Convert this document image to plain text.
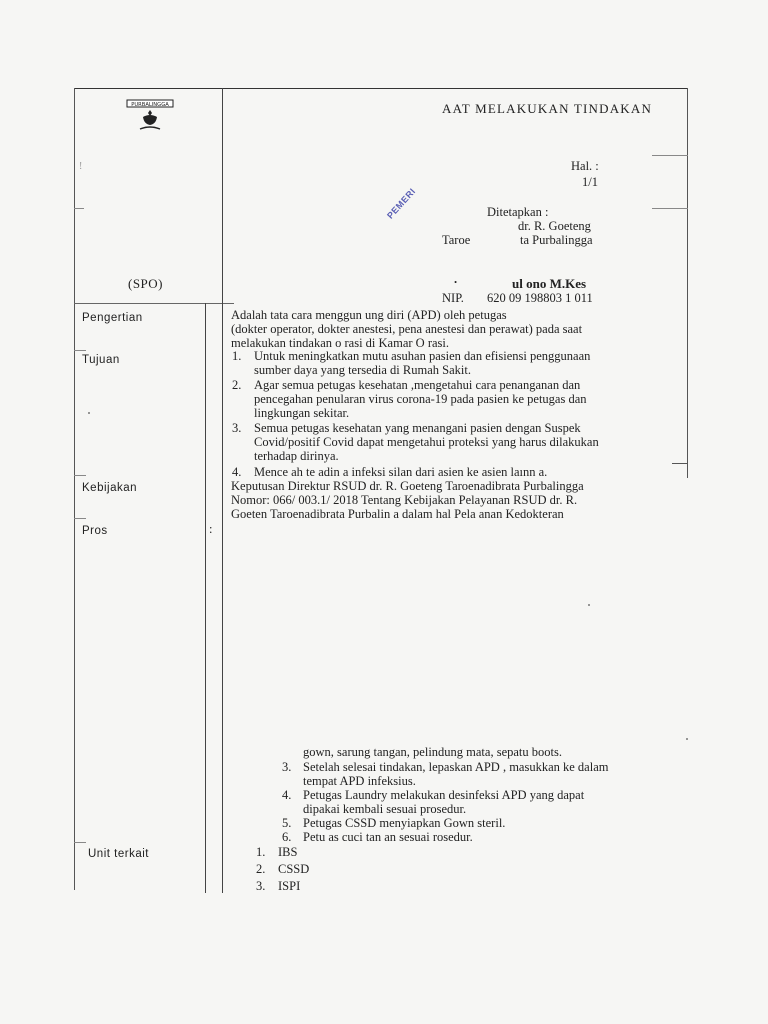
PURBALINGGA	AAT MELAKUKAN TINDAKAN
Hal. :
1/1
!
PEMERI	Ditetapkan :
dr. R. Goeteng
Taroe	ta Purbalingga
.	ul ono M.Kes
NIP. 620 09 198803 1 011
(SPO)
Pengertian	Adalah tata cara menggun ung diri (APD) oleh petugas
(dokter operator, dokter anestesi, pena anestesi dan perawat) pada saat
melakukan tindakan o rasi di Kamar O rasi.
Tujuan	1. Untuk meningkatkan mutu asuhan pasien dan efisiensi penggunaan
sumber daya yang tersedia di Rumah Sakit.
2. Agar semua petugas kesehatan ,mengetahui cara penanganan dan
pencegahan penularan virus corona-19 pada pasien ke petugas dan
lingkungan sekitar.
3. Semua petugas kesehatan yang menangani pasien dengan Suspek
Covid/positif Covid dapat mengetahui proteksi yang harus dilakukan
terhadap dirinya.
4. Mence ah te adin a infeksi silan dari asien ke asien laınn a.
Kebijakan	Keputusan Direktur RSUD dr. R. Goeteng Taroenadibrata Purbalingga
Nomor: 066/ 003.1/ 2018 Tentang Kebijakan Pelayanan RSUD dr. R.
Goeten Taroenadibrata Purbalin a dalam hal Pela anan Kedokteran
Pros	:
gown, sarung tangan, pelindung mata, sepatu boots.
3. Setelah selesai tindakan, lepaskan APD , masukkan ke dalam
tempat APD infeksius.
4. Petugas Laundry melakukan desinfeksi APD yang dapat
dipakai kembali sesuai prosedur.
5. Petugas CSSD menyiapkan Gown steril.
6. Petu as cuci tan an sesuai rosedur.
Unit terkait	1. IBS
2. CSSD
3. ISPI
